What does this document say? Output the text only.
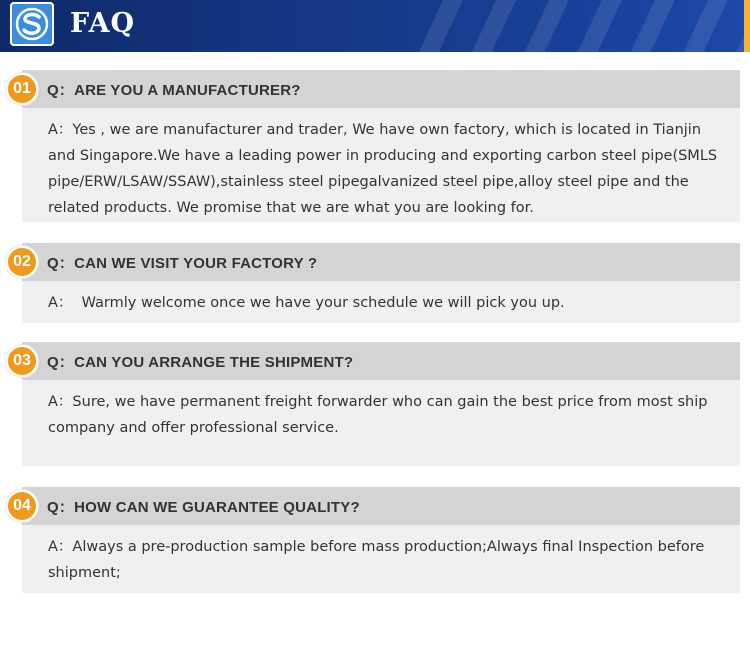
FAQ
01	Q：ARE YOU A MANUFACTURER?
A：Yes , we are manufacturer and trader, We have own factory, which is located in Tianjin and Singapore.We have a leading power in producing and exporting carbon steel pipe(SMLS pipe/ERW/LSAW/SSAW),stainless steel pipegalvanized steel pipe,alloy steel pipe and the related products. We promise that we are what you are looking for.
02	Q：CAN WE VISIT YOUR FACTORY ?
A：  Warmly welcome once we have your schedule we will pick you up.
03	Q：CAN YOU ARRANGE THE SHIPMENT?
A：Sure, we have permanent freight forwarder who can gain the best price from most ship company and offer professional service.
04	Q：HOW CAN WE GUARANTEE QUALITY?
A：Always a pre-production sample before mass production;Always final Inspection before shipment;
